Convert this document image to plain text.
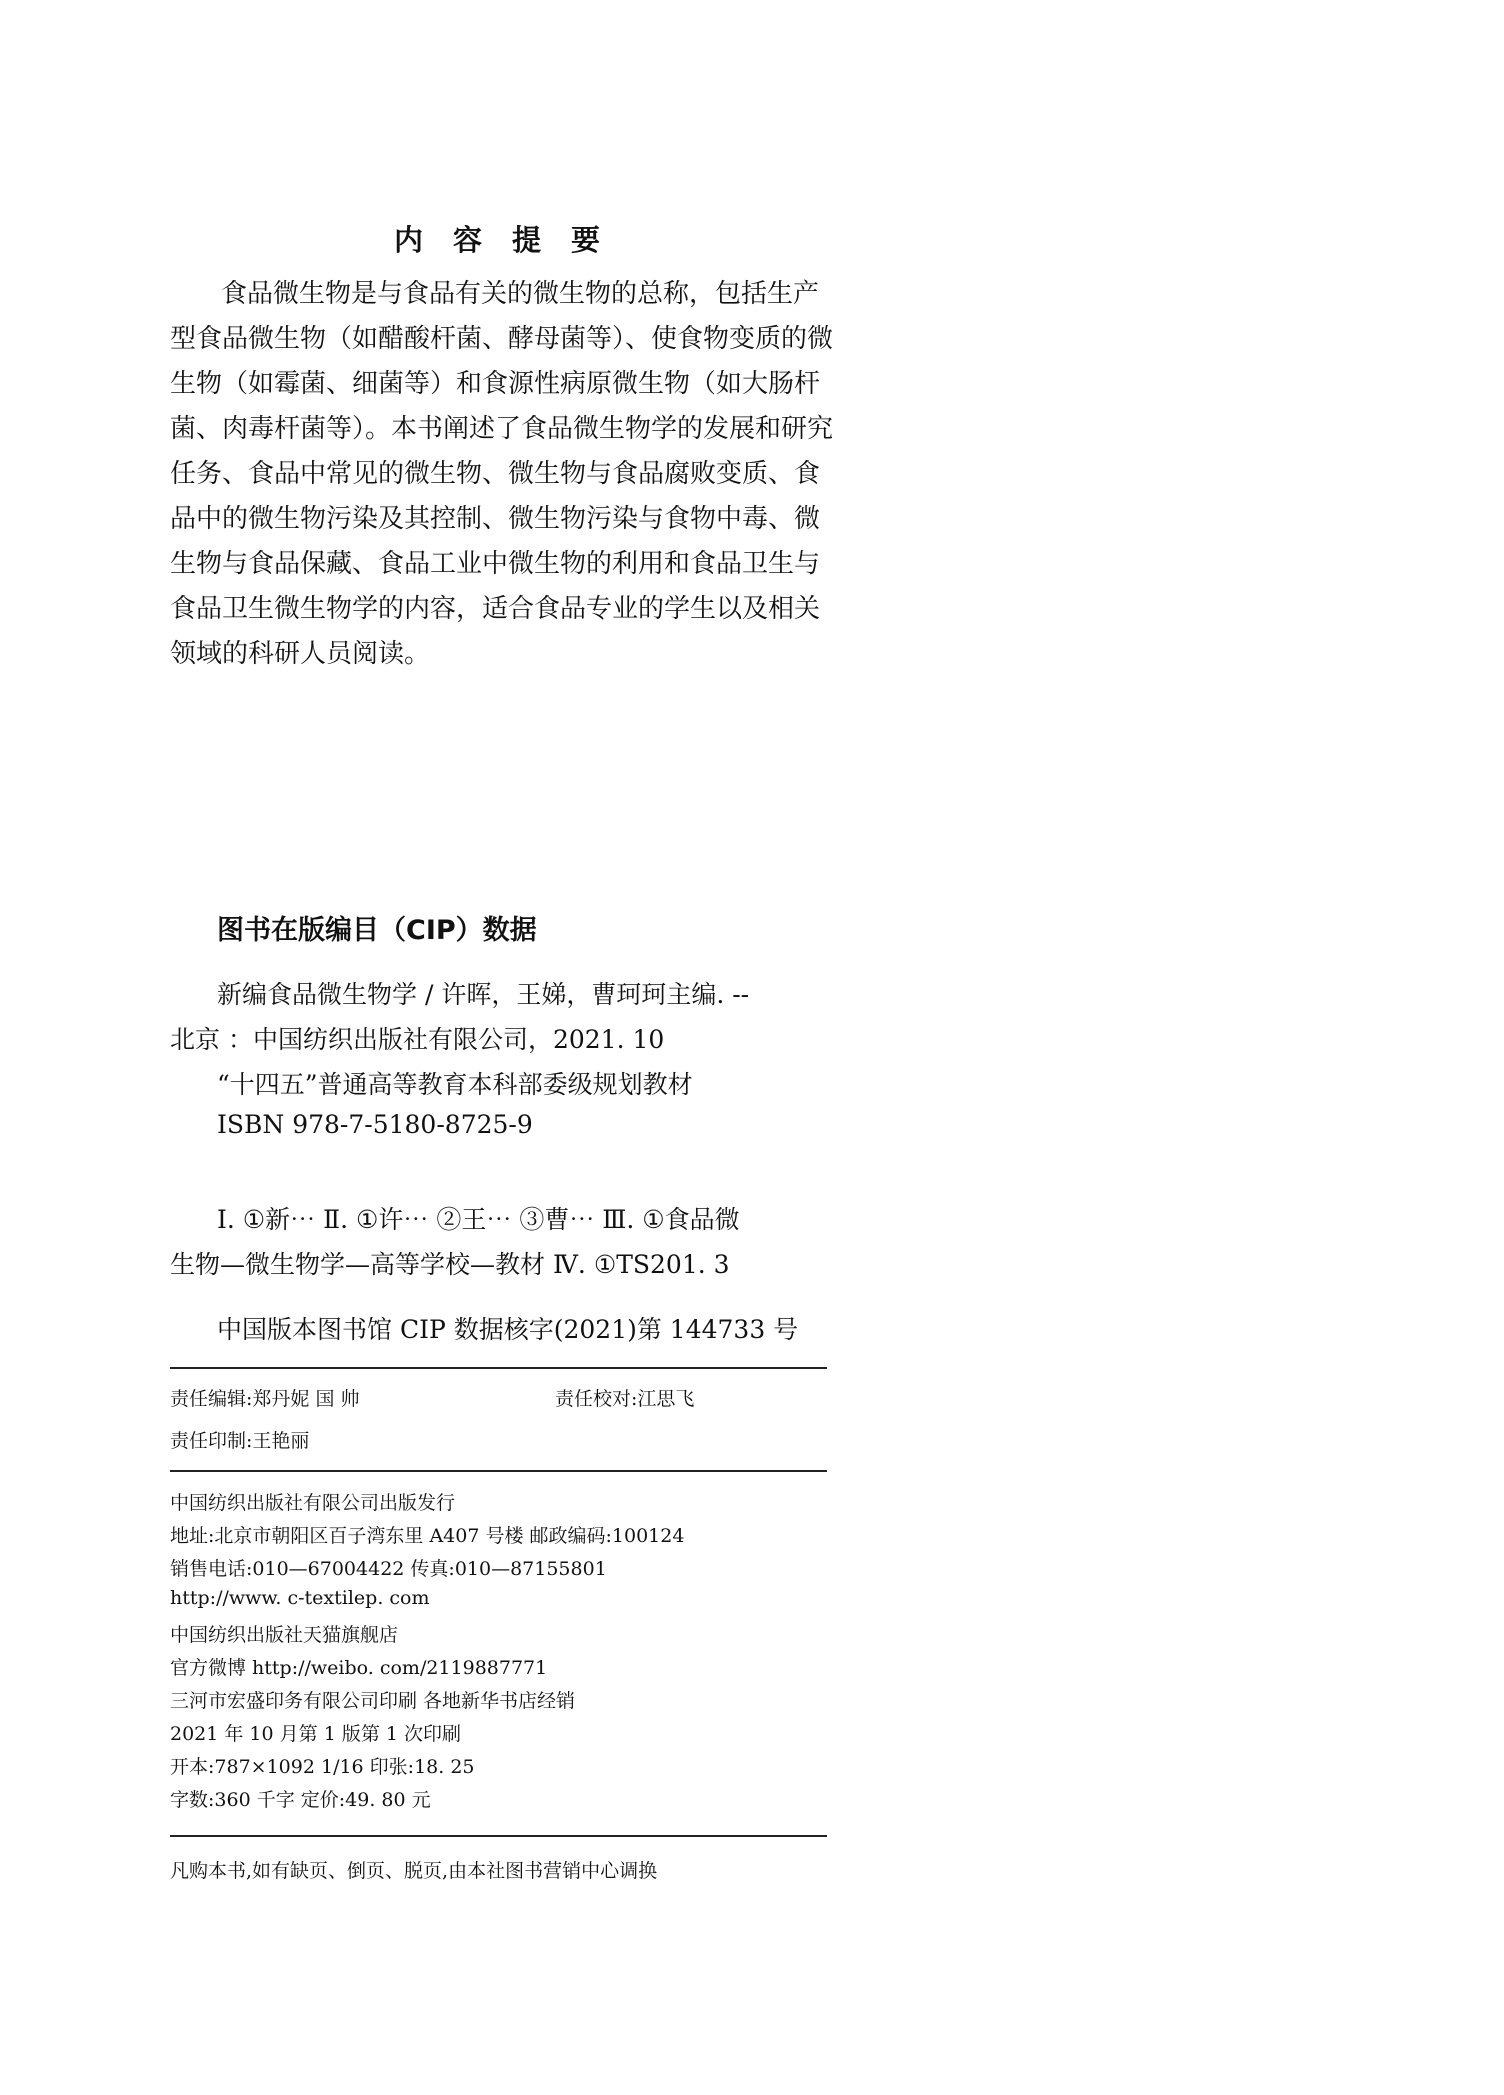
内容提要
食品微生物是与食品有关的微生物的总称，包括生产
型食品微生物（如醋酸杆菌、酵母菌等）、使食物变质的微
生物（如霉菌、细菌等）和食源性病原微生物（如大肠杆
菌、肉毒杆菌等）。本书阐述了食品微生物学的发展和研究
任务、食品中常见的微生物、微生物与食品腐败变质、食
品中的微生物污染及其控制、微生物污染与食物中毒、微
生物与食品保藏、食品工业中微生物的利用和食品卫生与
食品卫生微生物学的内容，适合食品专业的学生以及相关
领域的科研人员阅读。
图书在版编目（CIP）数据
新编食品微生物学 / 许晖，王娣，曹珂珂主编. --
北京 ：中国纺织出版社有限公司，2021. 10
“十四五”普通高等教育本科部委级规划教材
ISBN 978-7-5180-8725-9
Ⅰ. ①新⋯ Ⅱ. ①许⋯ ②王⋯ ③曹⋯ Ⅲ. ①食品微
生物—微生物学—高等学校—教材 Ⅳ. ①TS201. 3
中国版本图书馆 CIP 数据核字(2021)第 144733 号
责任编辑:郑丹妮 国 帅	责任校对:江思飞
责任印制:王艳丽
中国纺织出版社有限公司出版发行
地址:北京市朝阳区百子湾东里 A407 号楼 邮政编码:100124
销售电话:010—67004422 传真:010—87155801
http://www. c-textilep. com
中国纺织出版社天猫旗舰店
官方微博 http://weibo. com/2119887771
三河市宏盛印务有限公司印刷 各地新华书店经销
2021 年 10 月第 1 版第 1 次印刷
开本:787×1092 1/16 印张:18. 25
字数:360 千字 定价:49. 80 元
凡购本书,如有缺页、倒页、脱页,由本社图书营销中心调换
